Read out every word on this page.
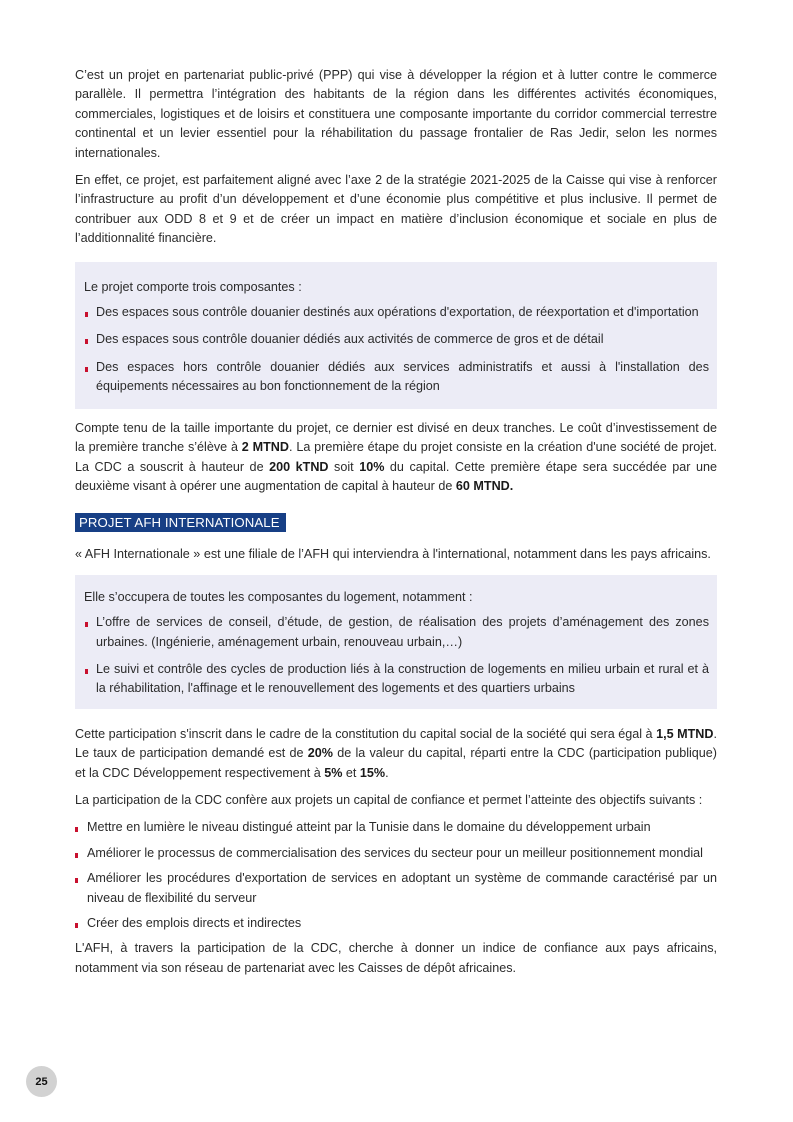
C’est un projet en partenariat public-privé (PPP) qui vise à développer la région et à lutter contre le commerce parallèle. Il permettra l’intégration des habitants de la région dans les différentes activités économiques, commerciales, logistiques et de loisirs et constituera une composante importante du corridor commercial terrestre continental et un levier essentiel pour la réhabilitation du passage frontalier de Ras Jedir, selon les normes internationales.

En effet, ce projet, est parfaitement aligné avec l’axe 2 de la stratégie 2021-2025 de la Caisse qui vise à renforcer l’infrastructure au profit d’un développement et d’une économie plus compétitive et plus inclusive. Il permet de contribuer aux ODD 8 et 9 et de créer un impact en matière d’inclusion économique et sociale en plus de l’additionnalité financière.

Le projet comporte trois composantes :

Des espaces sous contrôle douanier destinés aux opérations d'exportation, de réexportation et d'importation
Des espaces sous contrôle douanier dédiés aux activités de commerce de gros et de détail
Des espaces hors contrôle douanier dédiés aux services administratifs et aussi à l'installation des équipements nécessaires au bon fonctionnement de la région

Compte tenu de la taille importante du projet, ce dernier est divisé en deux tranches. Le coût d’investissement de la première tranche s’élève à 2 MTND. La première étape du projet consiste en la création d'une société de projet. La CDC a souscrit à hauteur de 200 kTND soit 10% du capital. Cette première étape sera succédée par une deuxième visant à opérer une augmentation de capital à hauteur de 60 MTND.

PROJET AFH INTERNATIONALE

« AFH Internationale » est une filiale de l’AFH qui interviendra à l'international, notamment dans les pays africains.

Elle s’occupera de toutes les composantes du logement, notamment :

L’offre de services de conseil, d’étude, de gestion, de réalisation des projets d’aménagement des zones urbaines. (Ingénierie, aménagement urbain, renouveau urbain,…)
Le suivi et contrôle des cycles de production liés à la construction de logements en milieu urbain et rural et à la réhabilitation, l'affinage et le renouvellement des logements et des quartiers urbains

Cette participation s'inscrit dans le cadre de la constitution du capital social de la société qui sera égal à 1,5 MTND. Le taux de participation demandé est de 20% de la valeur du capital, réparti entre la CDC (participation publique) et la CDC Développement respectivement à 5% et 15%.

La participation de la CDC confère aux projets un capital de confiance et permet l’atteinte des objectifs suivants :

Mettre en lumière le niveau distingué atteint par la Tunisie dans le domaine du développement urbain
Améliorer le processus de commercialisation des services du secteur pour un meilleur positionnement mondial
Améliorer les procédures d'exportation de services en adoptant un système de commande caractérisé par un niveau de flexibilité du serveur
Créer des emplois directs et indirectes

L'AFH, à travers la participation de la CDC, cherche à donner un indice de confiance aux pays africains, notamment via son réseau de partenariat avec les Caisses de dépôt africaines.

25
